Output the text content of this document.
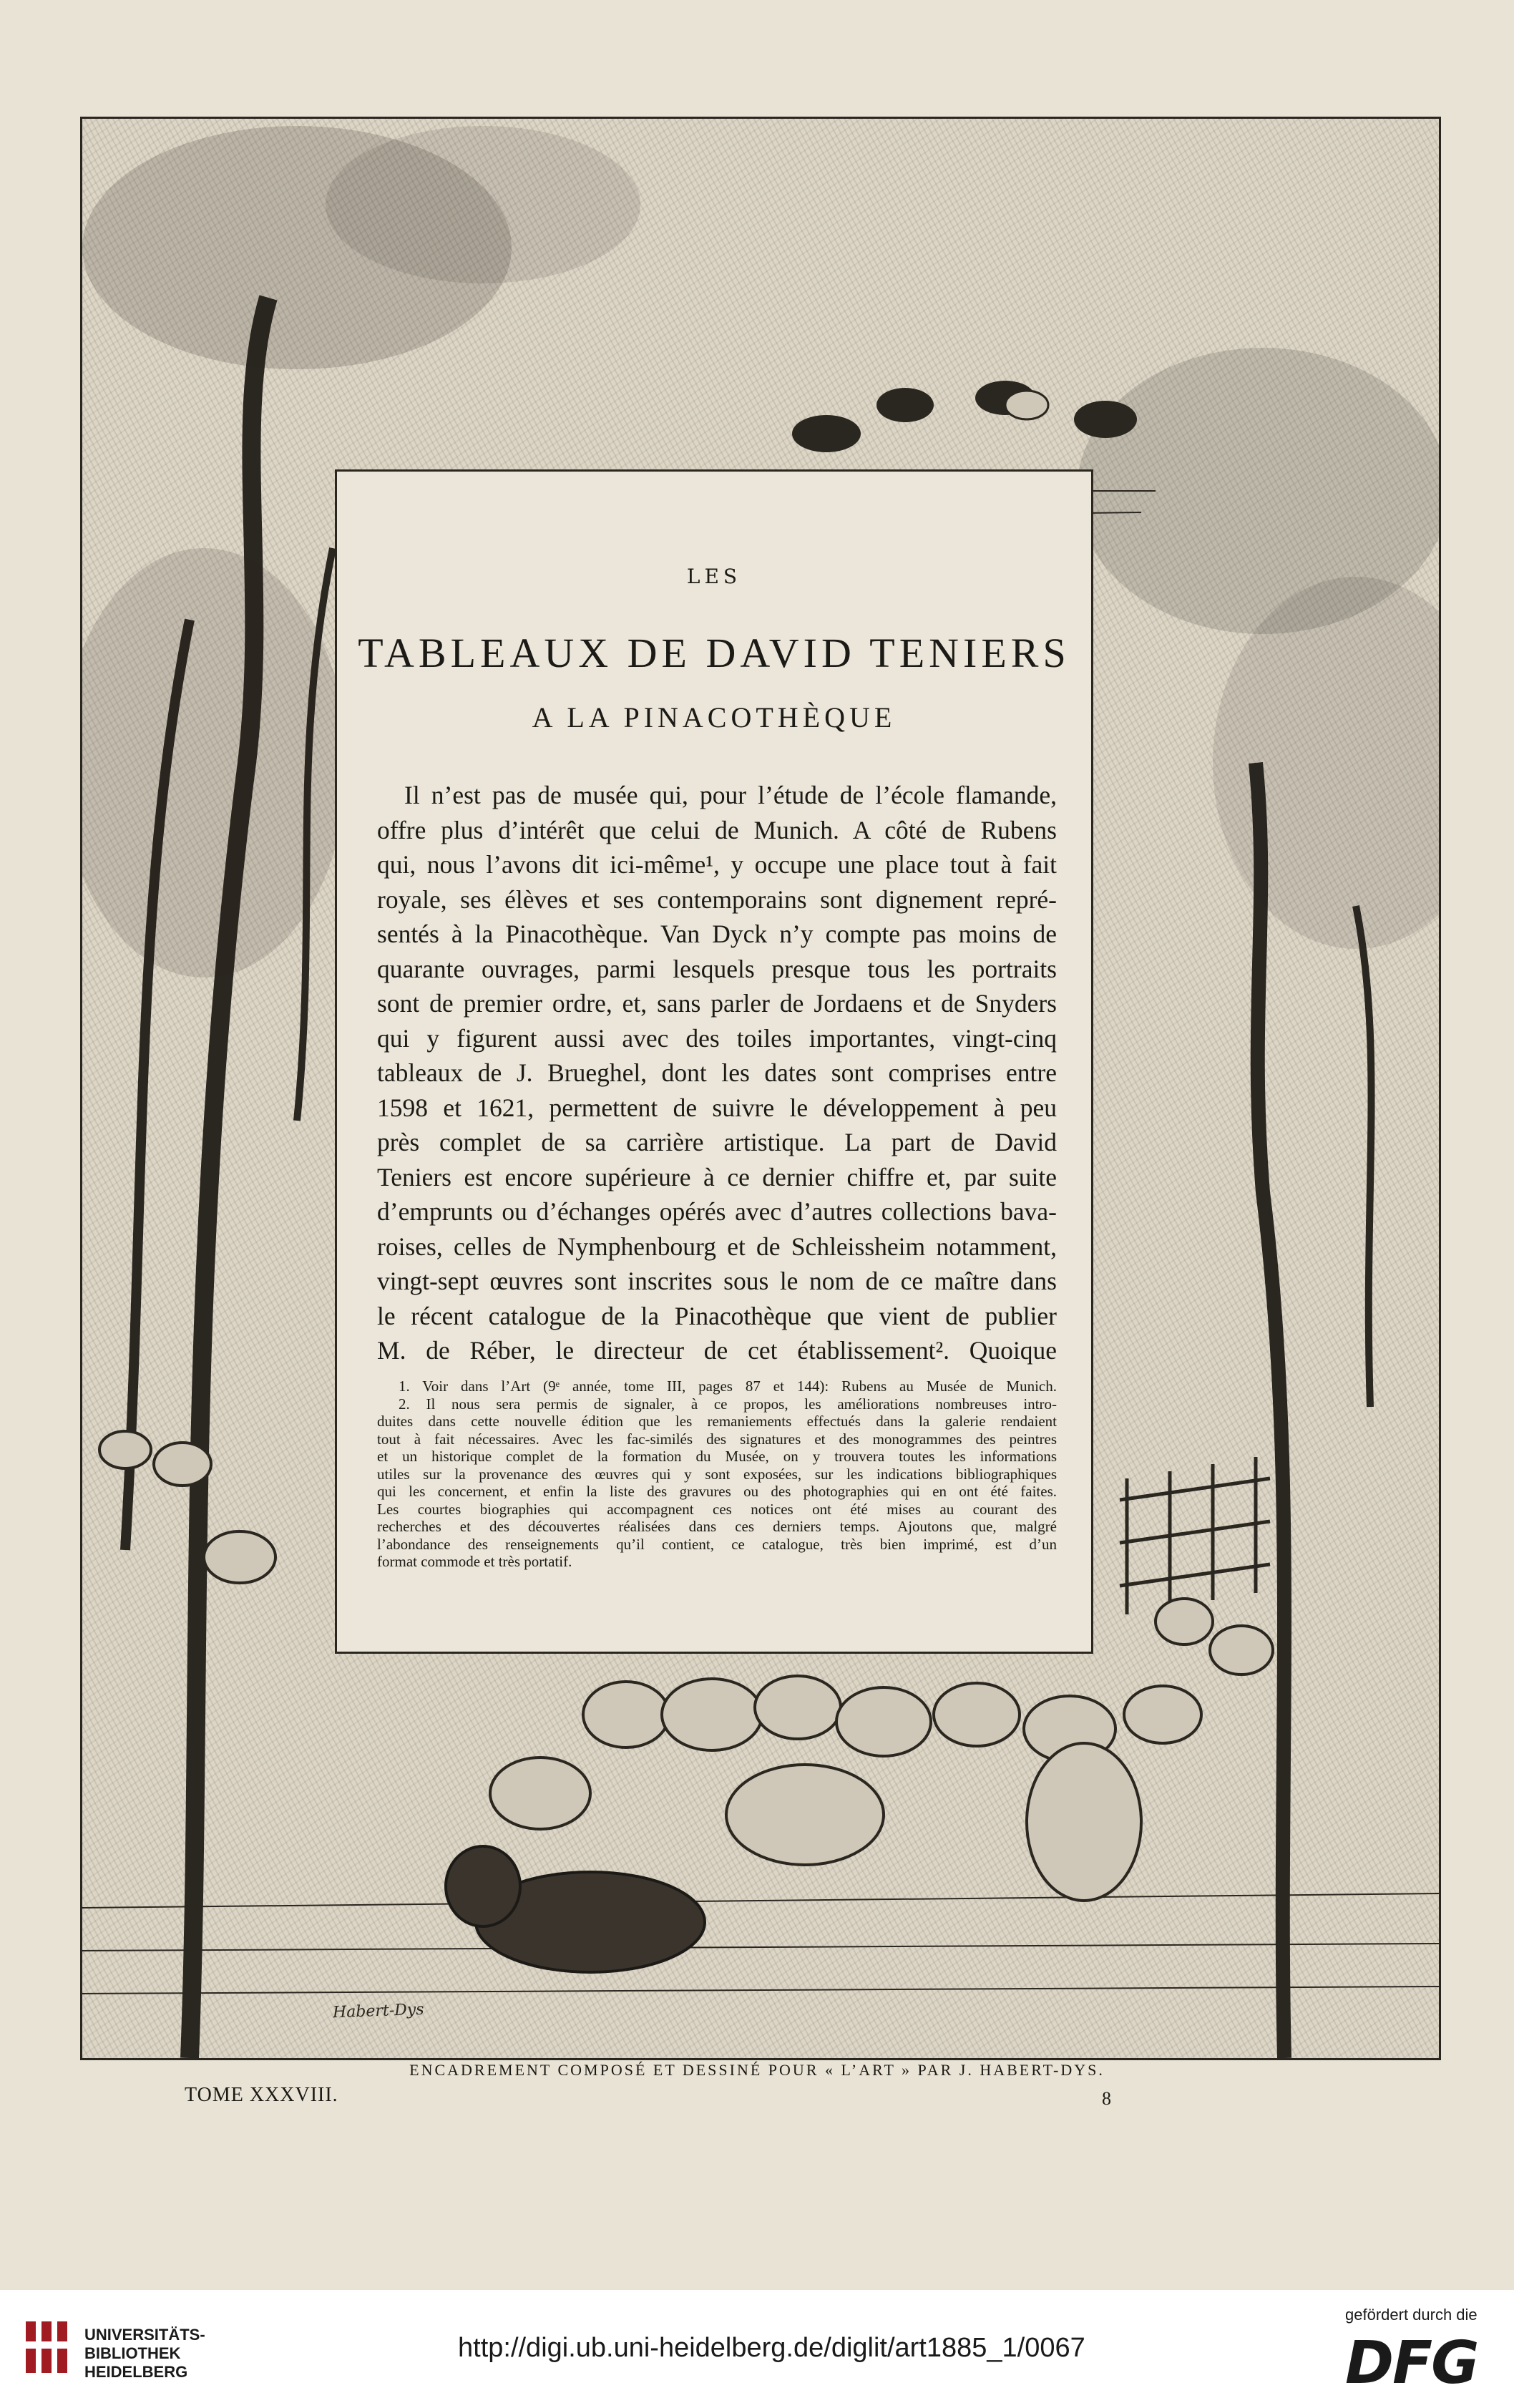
Habert-Dys
LES
TABLEAUX DE DAVID TENIERS
A LA PINACOTHÈQUE
Il n’est pas de musée qui, pour l’étude de l’école flamande,
offre plus d’intérêt que celui de Munich. A côté de Rubens
qui, nous l’avons dit ici-même¹, y occupe une place tout à fait
royale, ses élèves et ses contemporains sont dignement repré-
sentés à la Pinacothèque. Van Dyck n’y compte pas moins de
quarante ouvrages, parmi lesquels presque tous les portraits
sont de premier ordre, et, sans parler de Jordaens et de Snyders
qui y figurent aussi avec des toiles importantes, vingt-cinq
tableaux de J. Brueghel, dont les dates sont comprises entre
1598 et 1621, permettent de suivre le développement à peu
près complet de sa carrière artistique. La part de David
Teniers est encore supérieure à ce dernier chiffre et, par suite
d’emprunts ou d’échanges opérés avec d’autres collections bava-
roises, celles de Nymphenbourg et de Schleissheim notamment,
vingt-sept œuvres sont inscrites sous le nom de ce maître dans
le récent catalogue de la Pinacothèque que vient de publier
M. de Réber, le directeur de cet établissement². Quoique
1. Voir dans l’Art (9ᵉ année, tome III, pages 87 et 144): Rubens au Musée de Munich.
2. Il nous sera permis de signaler, à ce propos, les améliorations nombreuses intro-
duites dans cette nouvelle édition que les remaniements effectués dans la galerie rendaient
tout à fait nécessaires. Avec les fac-similés des signatures et des monogrammes des peintres
et un historique complet de la formation du Musée, on y trouvera toutes les informations
utiles sur la provenance des œuvres qui y sont exposées, sur les indications bibliographiques
qui les concernent, et enfin la liste des gravures ou des photographies qui en ont été faites.
Les courtes biographies qui accompagnent ces notices ont été mises au courant des
recherches et des découvertes réalisées dans ces derniers temps. Ajoutons que, malgré
l’abondance des renseignements qu’il contient, ce catalogue, très bien imprimé, est d’un
format commode et très portatif.
ENCADREMENT COMPOSÉ ET DESSINÉ POUR « L’ART » PAR J. HABERT-DYS.
TOME XXXVIII.	8
UNIVERSITÄTS-
BIBLIOTHEK
HEIDELBERG
http://digi.ub.uni-heidelberg.de/diglit/art1885_1/0067
gefördert durch die
DFG
